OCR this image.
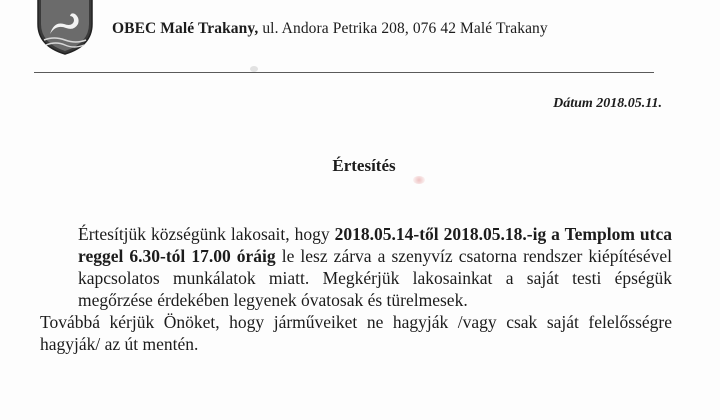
OBEC Malé Trakany, ul. Andora Petrika 208, 076 42 Malé Trakany
Dátum 2018.05.11.
Értesítés

Értesítjük községünk lakosait, hogy 2018.05.14-től 2018.05.18.-ig a Templom utca reggel 6.30-tól 17.00 óráig le lesz zárva a szenyvíz csatorna rendszer kiépítésével kapcsolatos munkálatok miatt. Megkérjük lakosainkat a saját testi épségük megőrzése érdekében legyenek óvatosak és türelmesek.

Továbbá kérjük Önöket, hogy járműveiket ne hagyják /vagy csak saját felelősségre hagyják/ az út mentén.
